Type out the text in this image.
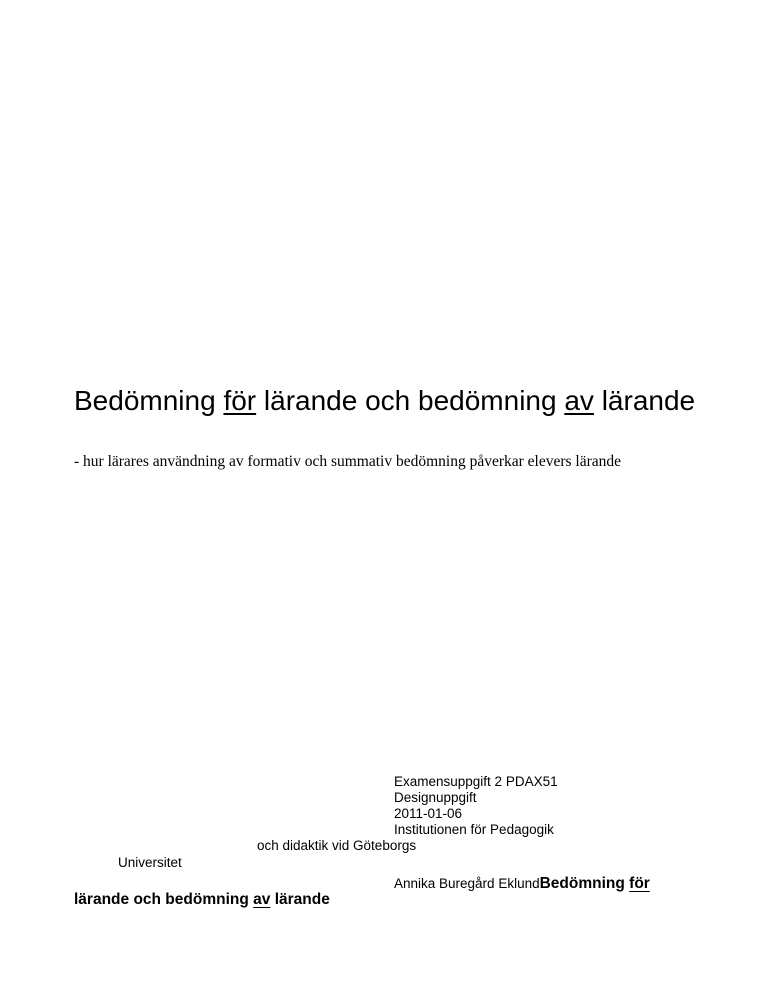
Bedömning för lärande och bedömning av lärande

- hur lärares användning av formativ och summativ bedömning påverkar elevers lärande

Examensuppgift 2 PDAX51
Designuppgift
2011-01-06
Institutionen för Pedagogik
och didaktik vid Göteborgs
Universitet
Annika Buregård EklundBedömning för
lärande och bedömning av lärande
